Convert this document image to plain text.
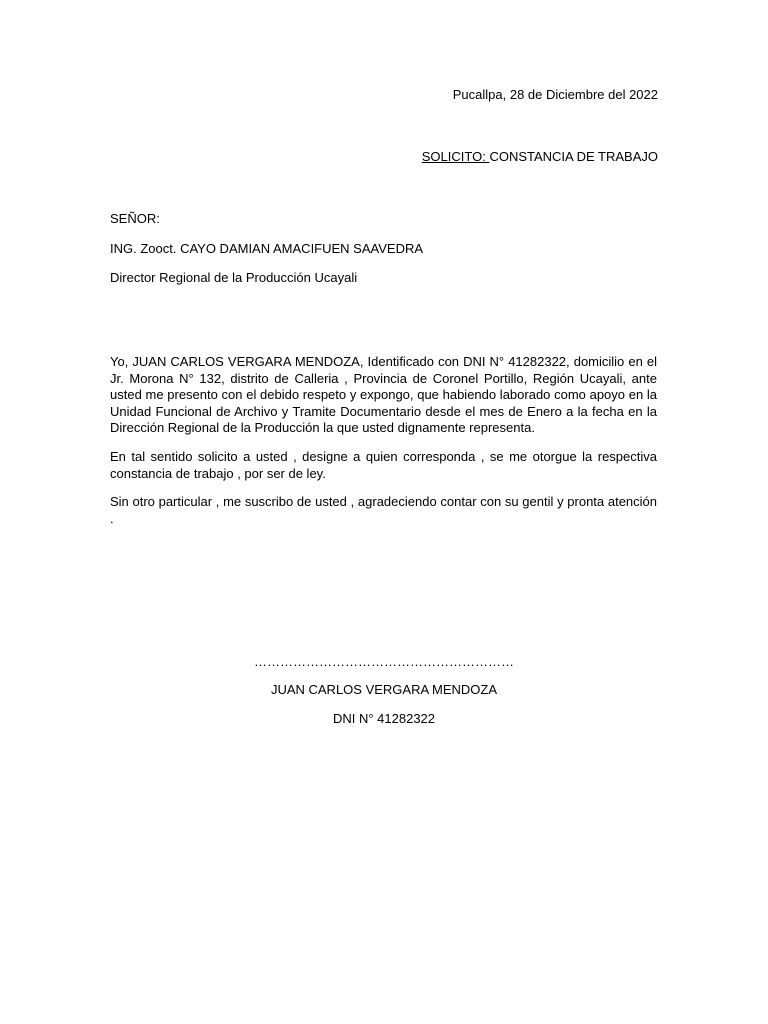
Pucallpa, 28 de Diciembre del 2022
SOLICITO: CONSTANCIA DE TRABAJO
SEÑOR:
ING. Zooct. CAYO DAMIAN AMACIFUEN SAAVEDRA
Director Regional de la Producción Ucayali
Yo, JUAN CARLOS VERGARA MENDOZA, Identificado con DNI N° 41282322, domicilio en el Jr. Morona N° 132, distrito de Calleria , Provincia de Coronel Portillo, Región Ucayali, ante usted me presento con el debido respeto y expongo, que habiendo laborado como apoyo en la Unidad Funcional de Archivo y Tramite Documentario desde el mes de Enero a la fecha en la Dirección Regional de la Producción la que usted dignamente representa.
En tal sentido solicito a usted , designe a quien corresponda , se me otorgue la respectiva constancia de trabajo , por ser de ley.
Sin otro particular , me suscribo de usted , agradeciendo contar con su gentil y pronta atención .
……………………………………………………
JUAN CARLOS VERGARA MENDOZA
DNI N° 41282322
